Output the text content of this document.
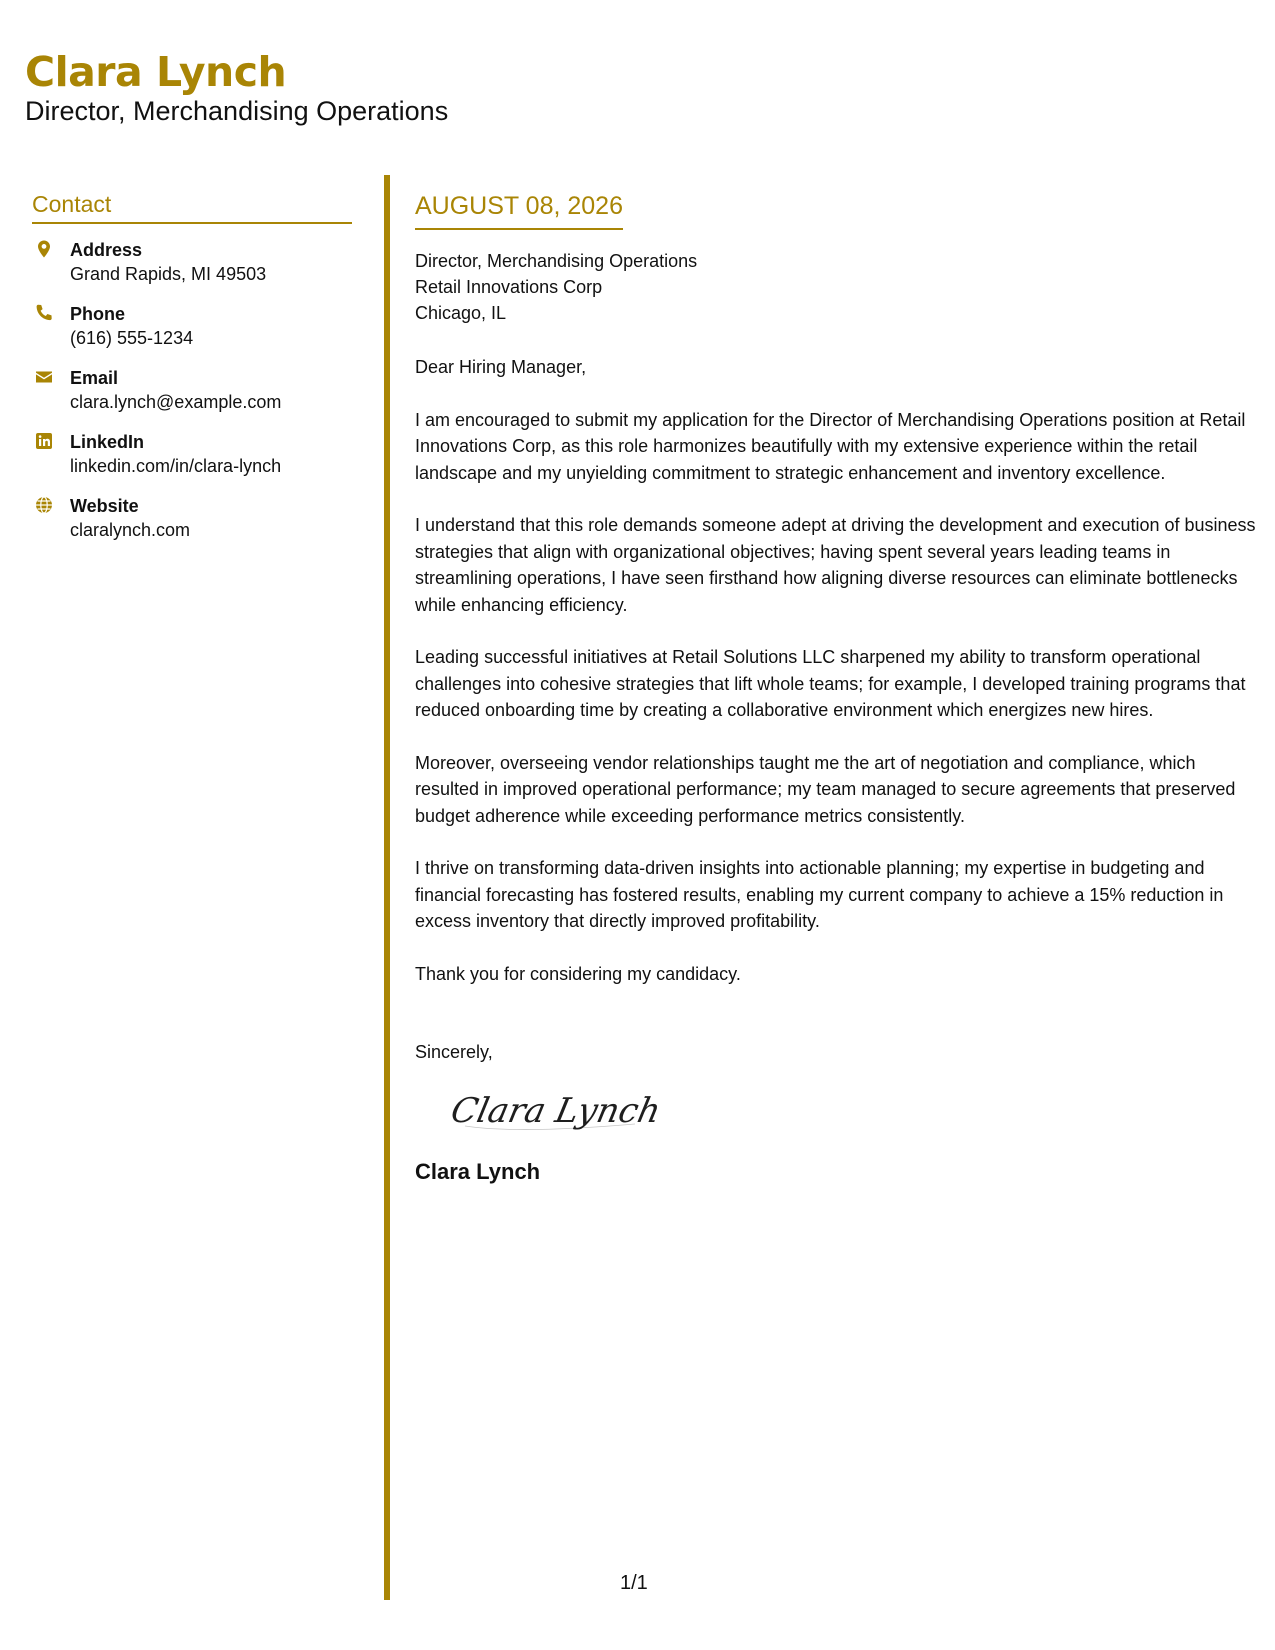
Clara Lynch
Director, Merchandising Operations
Contact
Address
Grand Rapids, MI 49503
Phone
(616) 555-1234
Email
clara.lynch@example.com
LinkedIn
linkedin.com/in/clara-lynch
Website
claralynch.com
AUGUST 08, 2026
Director, Merchandising Operations
Retail Innovations Corp
Chicago, IL
Dear Hiring Manager,

I am encouraged to submit my application for the Director of Merchandising Operations position at Retail Innovations Corp, as this role harmonizes beautifully with my extensive experience within the retail landscape and my unyielding commitment to strategic enhancement and inventory excellence.

I understand that this role demands someone adept at driving the development and execution of business strategies that align with organizational objectives; having spent several years leading teams in streamlining operations, I have seen firsthand how aligning diverse resources can eliminate bottlenecks while enhancing efficiency.

Leading successful initiatives at Retail Solutions LLC sharpened my ability to transform operational challenges into cohesive strategies that lift whole teams; for example, I developed training programs that reduced onboarding time by creating a collaborative environment which energizes new hires.

Moreover, overseeing vendor relationships taught me the art of negotiation and compliance, which resulted in improved operational performance; my team managed to secure agreements that preserved budget adherence while exceeding performance metrics consistently.

I thrive on transforming data-driven insights into actionable planning; my expertise in budgeting and financial forecasting has fostered results, enabling my current company to achieve a 15% reduction in excess inventory that directly improved profitability.

Thank you for considering my candidacy.

Sincerely,
Clara Lynch
Clara Lynch
1/1
